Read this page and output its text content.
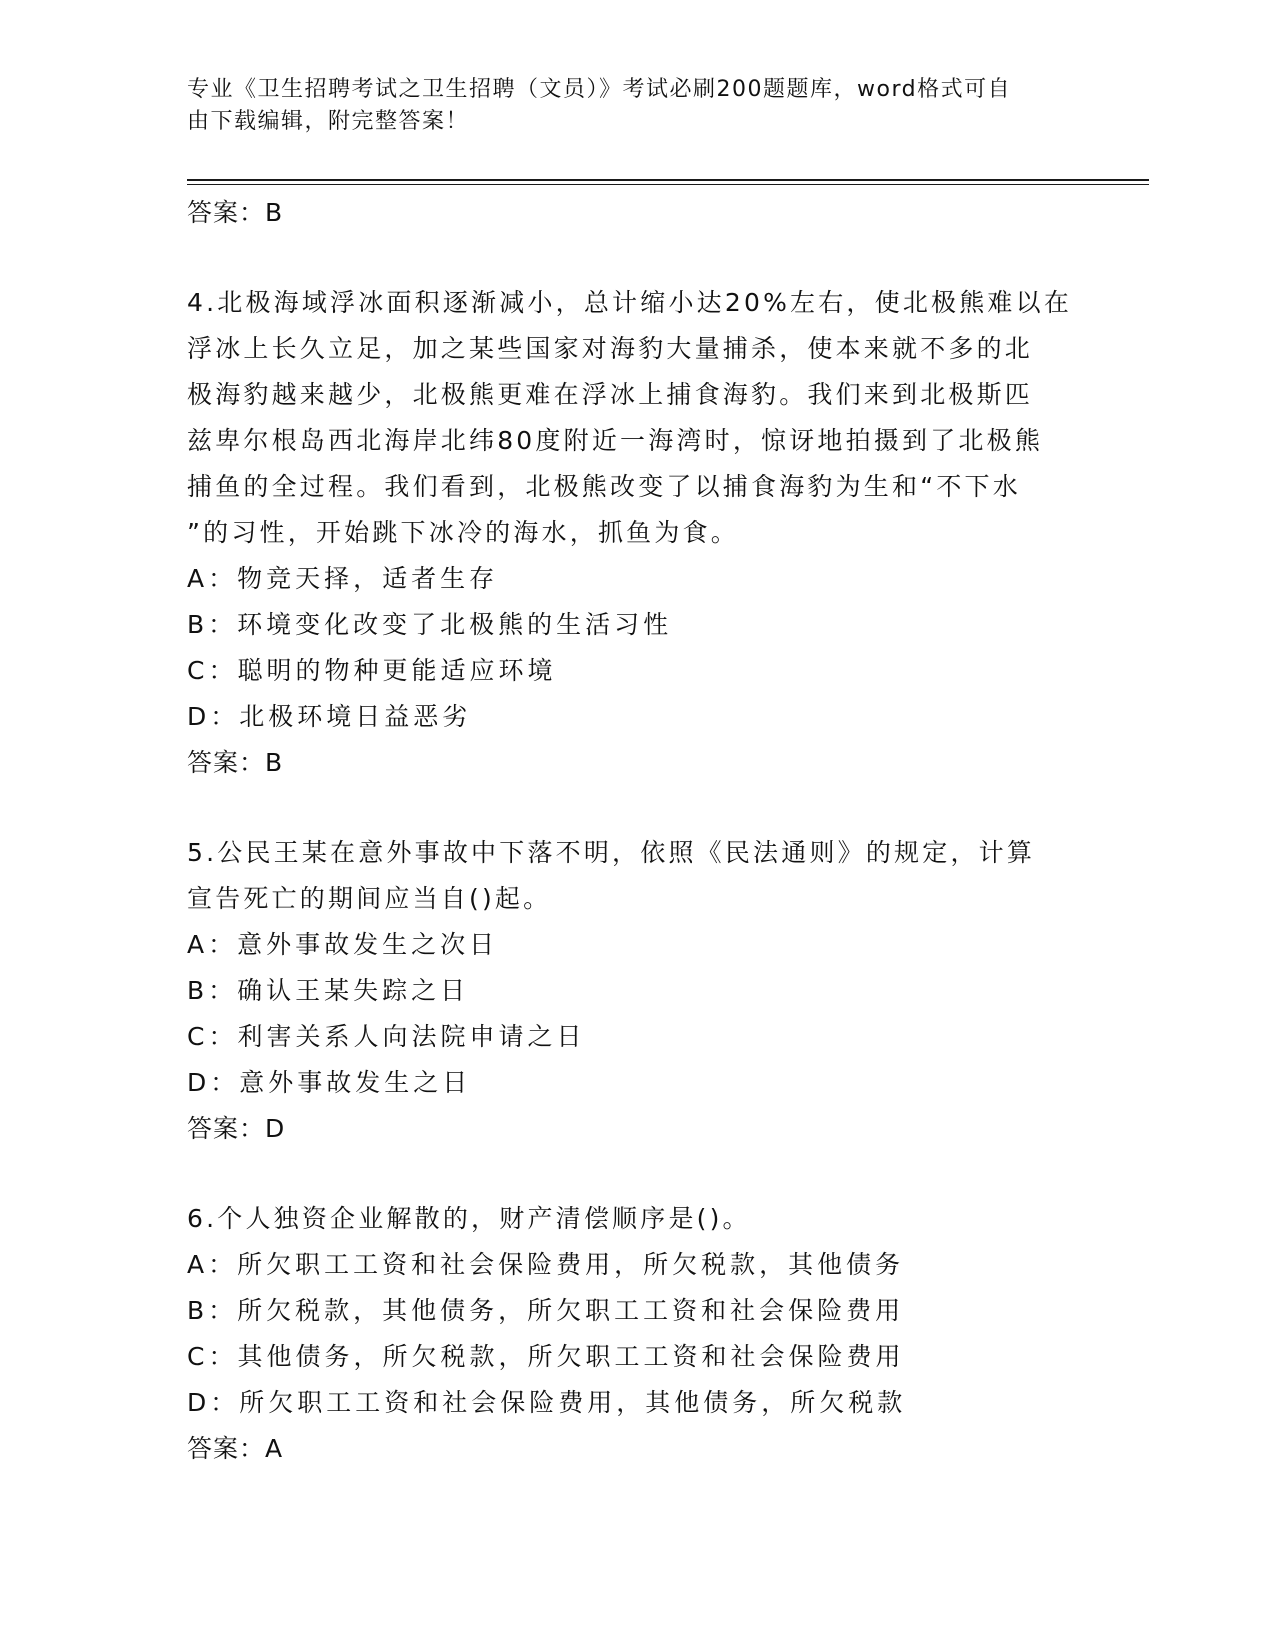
专业《卫生招聘考试之卫生招聘（文员）》考试必刷200题题库，word格式可自
由下载编辑，附完整答案！
答案：B
4.北极海域浮冰面积逐渐减小，总计缩小达20%左右，使北极熊难以在
浮冰上长久立足，加之某些国家对海豹大量捕杀，使本来就不多的北
极海豹越来越少，北极熊更难在浮冰上捕食海豹。我们来到北极斯匹
兹卑尔根岛西北海岸北纬80度附近一海湾时，惊讶地拍摄到了北极熊
捕鱼的全过程。我们看到，北极熊改变了以捕食海豹为生和“不下水
”的习性，开始跳下冰冷的海水，抓鱼为食。
A：物竞天择，适者生存
B：环境变化改变了北极熊的生活习性
C：聪明的物种更能适应环境
D：北极环境日益恶劣
答案：B
5.公民王某在意外事故中下落不明，依照《民法通则》的规定，计算
宣告死亡的期间应当自()起。
A：意外事故发生之次日
B：确认王某失踪之日
C：利害关系人向法院申请之日
D：意外事故发生之日
答案：D
6.个人独资企业解散的，财产清偿顺序是()。
A：所欠职工工资和社会保险费用，所欠税款，其他债务
B：所欠税款，其他债务，所欠职工工资和社会保险费用
C：其他债务，所欠税款，所欠职工工资和社会保险费用
D：所欠职工工资和社会保险费用，其他债务，所欠税款
答案：A
